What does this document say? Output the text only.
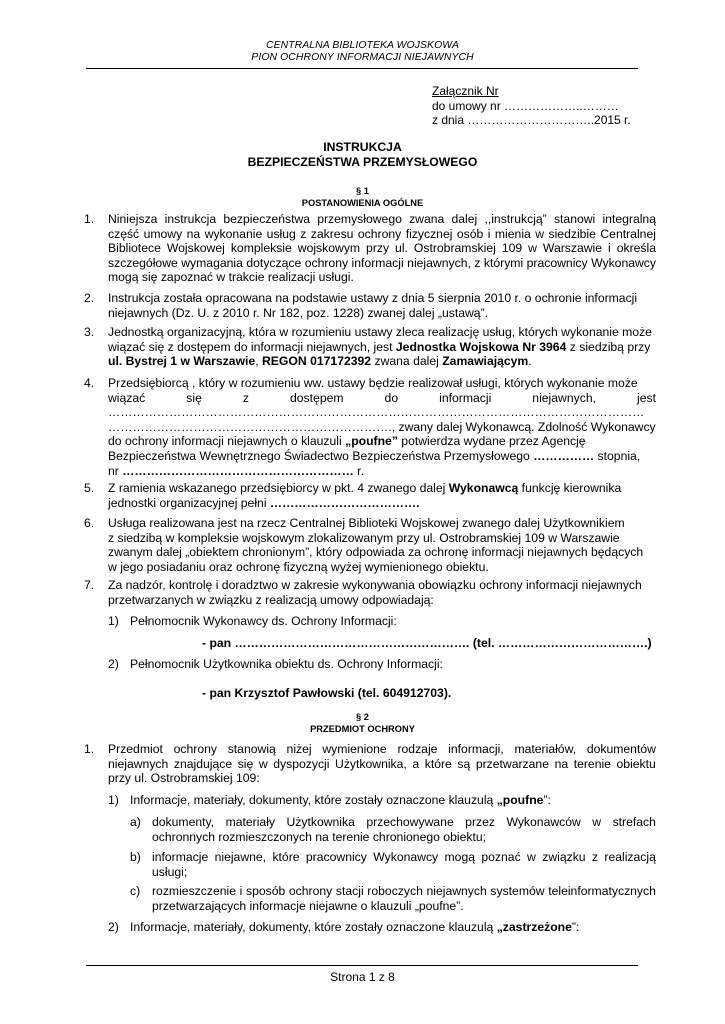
CENTRALNA BIBLIOTEKA WOJSKOWA
PION OCHRONY INFORMACJI NIEJAWNYCH
Załącznik Nr
do umowy nr ………………..………
z dnia …………………………..2015 r.
INSTRUKCJA
BEZPIECZEŃSTWA PRZEMYSŁOWEGO
§ 1
POSTANOWIENIA OGÓLNE
1. Niniejsza instrukcja bezpieczeństwa przemysłowego zwana dalej ,,instrukcją” stanowi integralną
część umowy na wykonanie usług z zakresu ochrony fizycznej osób i mienia w siedzibie Centralnej
Bibliotece Wojskowej kompleksie wojskowym przy ul. Ostrobramskiej 109 w Warszawie i określa
szczegółowe wymagania dotyczące ochrony informacji niejawnych, z którymi pracownicy Wykonawcy
mogą się zapoznać w trakcie realizacji usługi.
2. Instrukcja została opracowana na podstawie ustawy z dnia 5 sierpnia 2010 r. o ochronie informacji
niejawnych (Dz. U. z 2010 r. Nr 182, poz. 1228) zwanej dalej „ustawą”.
3. Jednostką organizacyjną, która w rozumieniu ustawy zleca realizację usług, których wykonanie może
wiązać się z dostępem do informacji niejawnych, jest Jednostka Wojskowa Nr 3964 z siedzibą przy
ul. Bystrej 1 w Warszawie, REGON 017172392 zwana dalej Zamawiającym.
4. Przedsiębiorcą , który w rozumieniu ww. ustawy będzie realizował usługi, których wykonanie może
wiązać	się	z	dostępem	do	informacji	niejawnych,	jest
……………………………………………………………………………………………………………………
……………………………………………………………., zwany dalej Wykonawcą. Zdolność Wykonawcy
do ochrony informacji niejawnych o klauzuli „poufne” potwierdza wydane przez Agencję
Bezpieczeństwa Wewnętrznego Świadectwo Bezpieczeństwa Przemysłowego …………… stopnia,
nr ………………………………………………… r.
5. Z ramienia wskazanego przedsiębiorcy w pkt. 4 zwanego dalej Wykonawcą funkcję kierownika
jednostki organizacyjnej pełni ……………………………….
6. Usługa realizowana jest na rzecz Centralnej Biblioteki Wojskowej zwanego dalej Użytkownikiem
z siedzibą w kompleksie wojskowym zlokalizowanym przy ul. Ostrobramskiej 109 w Warszawie
zwanym dalej „obiektem chronionym”, który odpowiada za ochronę informacji niejawnych będących
w jego posiadaniu oraz ochronę fizyczną wyżej wymienionego obiektu.
7. Za nadzór, kontrolę i doradztwo w zakresie wykonywania obowiązku ochrony informacji niejawnych
przetwarzanych w związku z realizacją umowy odpowiadają:
1) Pełnomocnik Wykonawcy ds. Ochrony Informacji:
- pan …………………………………………………. (tel. ……………………………….)
2) Pełnomocnik Użytkownika obiektu ds. Ochrony Informacji:
- pan Krzysztof Pawłowski (tel. 604912703).
§ 2
PRZEDMIOT OCHRONY
1. Przedmiot ochrony stanowią niżej wymienione rodzaje informacji, materiałów, dokumentów
niejawnych znajdujące się w dyspozycji Użytkownika, a które są przetwarzane na terenie obiektu
przy ul. Ostrobramskiej 109:
1) Informacje, materiały, dokumenty, które zostały oznaczone klauzulą „poufne”:
a) dokumenty, materiały Użytkownika przechowywane przez Wykonawców w strefach
ochronnych rozmieszczonych na terenie chronionego obiektu;
b) informacje niejawne, które pracownicy Wykonawcy mogą poznać w związku z realizacją
usługi;
c) rozmieszczenie i sposób ochrony stacji roboczych niejawnych systemów teleinformatycznych
przetwarzających informacje niejawne o klauzuli „poufne”.
2) Informacje, materiały, dokumenty, które zostały oznaczone klauzulą „zastrzeżone”:
Strona 1 z 8
